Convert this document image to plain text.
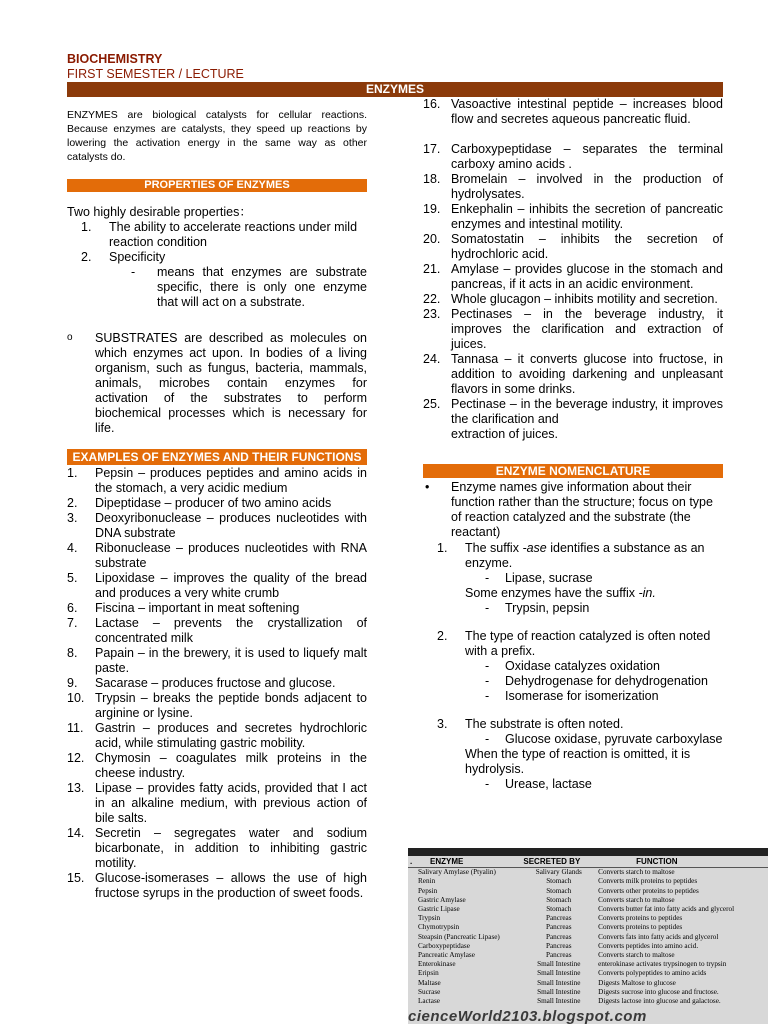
BIOCHEMISTRY
FIRST SEMESTER / LECTURE
ENZYMES

ENZYMES are biological catalysts for cellular reactions. Because enzymes are catalysts, they speed up reactions by lowering the activation energy in the same way as other catalysts do.

PROPERTIES OF ENZYMES

Two highly desirable properties：

1. The ability to accelerate reactions under mild reaction condition
2. Specificity
- means that enzymes are substrate specific, there is only one enzyme that will act on a substrate.
o SUBSTRATES are described as molecules on which enzymes act upon. In bodies of a living organism, such as fungus, bacteria, mammals, animals, microbes contain enzymes for activation of the substrates to perform biochemical processes which is necessary for life.
EXAMPLES OF ENZYMES AND THEIR FUNCTIONS
1. Pepsin – produces peptides and amino acids in the stomach, a very acidic medium
2. Dipeptidase – producer of two amino acids
3. Deoxyribonuclease – produces nucleotides with DNA substrate
4. Ribonuclease – produces nucleotides with RNA substrate
5. Lipoxidase – improves the quality of the bread and produces a very white crumb
6. Fiscina – important in meat softening
7. Lactase – prevents the crystallization of concentrated milk
8. Papain – in the brewery, it is used to liquefy malt paste.
9. Sacarase – produces fructose and glucose.
10. Trypsin – breaks the peptide bonds adjacent to arginine or lysine.
11. Gastrin – produces and secretes hydrochloric acid, while stimulating gastric mobility.
12. Chymosin – coagulates milk proteins in the cheese industry.
13. Lipase – provides fatty acids, provided that I act in an alkaline medium, with previous action of bile salts.
14. Secretin – segregates water and sodium bicarbonate, in addition to inhibiting gastric motility.
15. Glucose-isomerases – allows the use of high fructose syrups in the production of sweet foods.
16. Vasoactive intestinal peptide – increases blood flow and secretes aqueous pancreatic fluid.
17. Carboxypeptidase – separates the terminal carboxy amino acids .
18. Bromelain – involved in the production of hydrolysates.
19. Enkephalin – inhibits the secretion of pancreatic enzymes and intestinal motility.
20. Somatostatin – inhibits the secretion of hydrochloric acid.
21. Amylase – provides glucose in the stomach and pancreas, if it acts in an acidic environment.
22. Whole glucagon – inhibits motility and secretion.
23. Pectinases – in the beverage industry, it improves the clarification and extraction of juices.
24. Tannasa – it converts glucose into fructose, in addition to avoiding darkening and unpleasant flavors in some drinks.
25. Pectinase – in the beverage industry, it improves the clarification and

extraction of juices.
ENZYME NOMENCLATURE
• Enzyme names give information about their function rather than the structure; focus on type of reaction catalyzed and the substrate (the reactant)
1. The suffix -ase identifies a substance as an enzyme.
- Lipase, sucrase
Some enzymes have the suffix -in.
- Trypsin, pepsin
2. The type of reaction catalyzed is often noted with a prefix.
- Oxidase catalyzes oxidation
- Dehydrogenase for dehydrogenation
- Isomerase for isomerization
3. The substrate is often noted.
- Glucose oxidase, pyruvate carboxylase
When the type of reaction is omitted, it is hydrolysis.
- Urease, lactase
.	ENZYME	SECRETED BY	FUNCTION
	Salivary Amylase (Ptyalin)	Salivary Glands	Converts starch to maltose
	Renin	Stomach	Converts milk proteins to peptides
	Pepsin	Stomach	Converts other proteins to peptides
	Gastric Amylase	Stomach	Converts starch to maltose
	Gastric Lipase	Stomach	Converts butter fat into fatty acids and glycerol
	Trypsin	Pancreas	Converts proteins to peptides
	Chymotrypsin	Pancreas	Converts proteins to peptides
	Steapsin (Pancreatic Lipase)	Pancreas	Converts fats into fatty acids and glycerol
	Carboxypeptidase	Pancreas	Converts peptides into amino acid.
	Pancreatic Amylase	Pancreas	Converts starch to maltose
	Enterokinase	Small Intestine	enterokinase activates trypsinogen to trypsin
	Eripsin	Small Intestine	Converts polypeptides to amino acids
	Maltase	Small Intestine	Digests Maltose to glucose
	Sucrase	Small Intestine	Digests sucrose into glucose and fructose.
	Lactase	Small Intestine	Digests lactose into glucose and galactose.
cienceWorld2103.blogspot.com
